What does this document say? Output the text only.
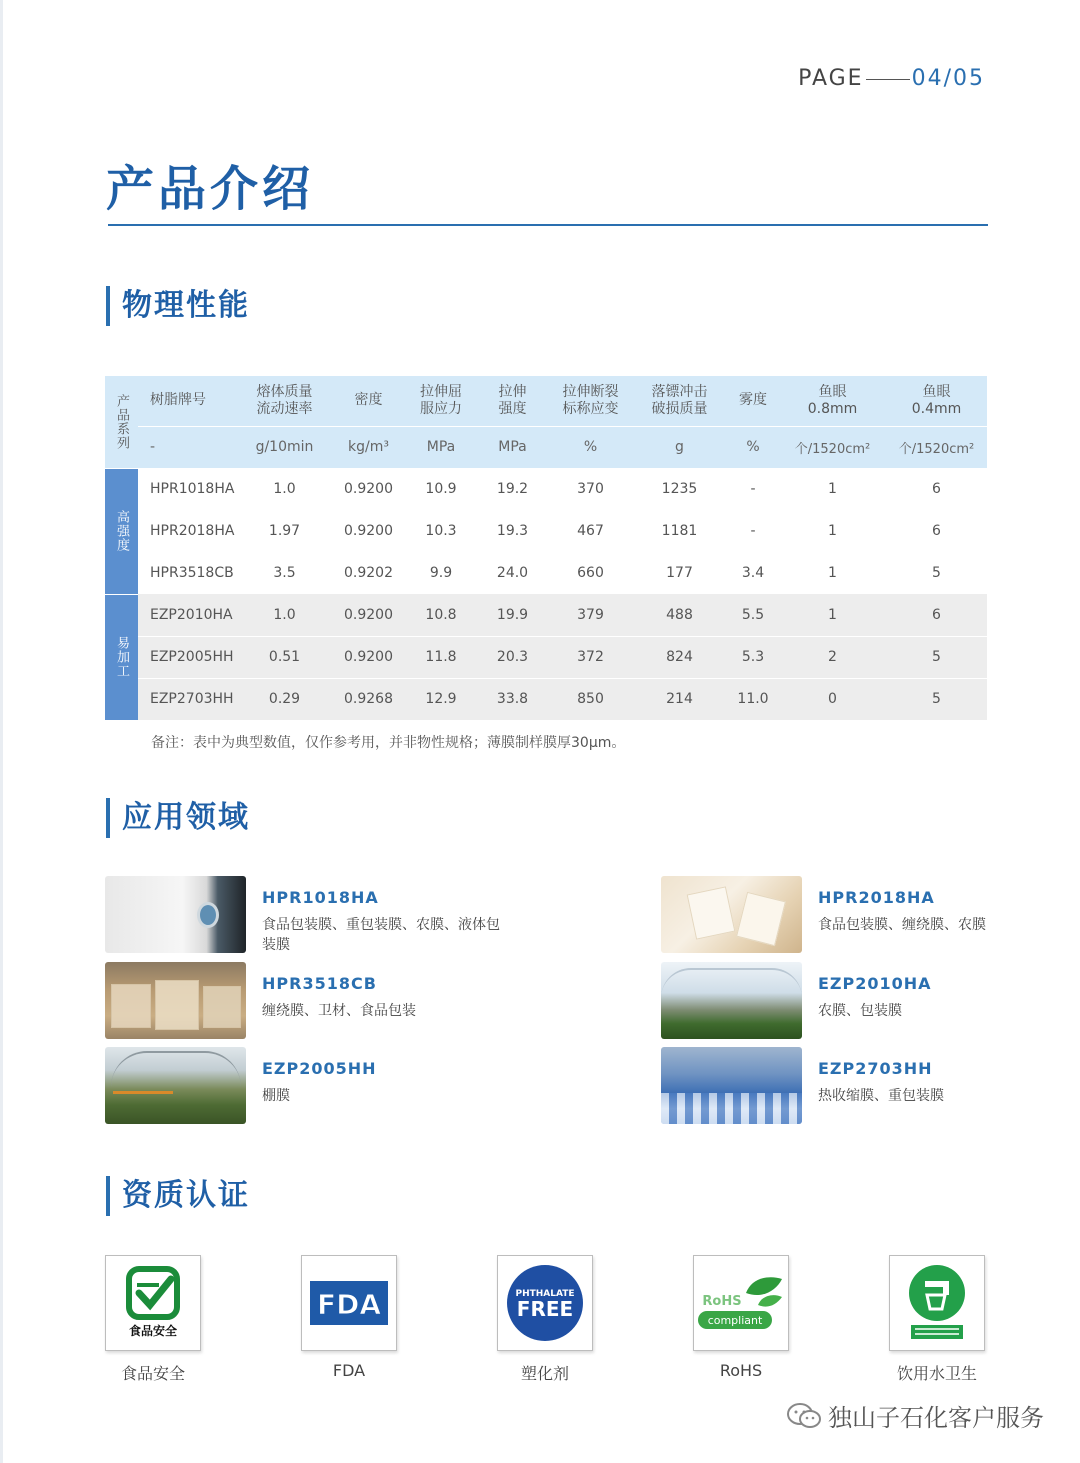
PAGE 04/05
产品介绍
物理性能
产品系列	树脂牌号	熔体质量流动速率	密度	拉伸屈服应力	拉伸强度	拉伸断裂标称应变	落镖冲击破损质量	雾度	鱼眼0.8mm	鱼眼0.4mm
	-	g/10min	kg/m³	MPa	MPa	%	g	%	个/1520cm²	个/1520cm²
高强度	HPR1018HA	1.0	0.9200	10.9	19.2	370	1235	-	1	6
	HPR2018HA	1.97	0.9200	10.3	19.3	467	1181	-	1	6
	HPR3518CB	3.5	0.9202	9.9	24.0	660	177	3.4	1	5
易加工	EZP2010HA	1.0	0.9200	10.8	19.9	379	488	5.5	1	6
	EZP2005HH	0.51	0.9200	11.8	20.3	372	824	5.3	2	5
	EZP2703HH	0.29	0.9268	12.9	33.8	850	214	11.0	0	5
备注：表中为典型数值，仅作参考用，并非物性规格；薄膜制样膜厚30μm。
应用领域
HPR1018HA
食品包装膜、重包装膜、农膜、液体包装膜
HPR2018HA
食品包装膜、缠绕膜、农膜
HPR3518CB
缠绕膜、卫材、食品包装
EZP2010HA
农膜、包装膜
EZP2005HH
棚膜
EZP2703HH
热收缩膜、重包装膜
资质认证
食品安全
食品安全
FDA
FDA
PHTHALATE
FREE
塑化剂
RoHS
compliant
RoHS	饮用水卫生
独山子石化客户服务
